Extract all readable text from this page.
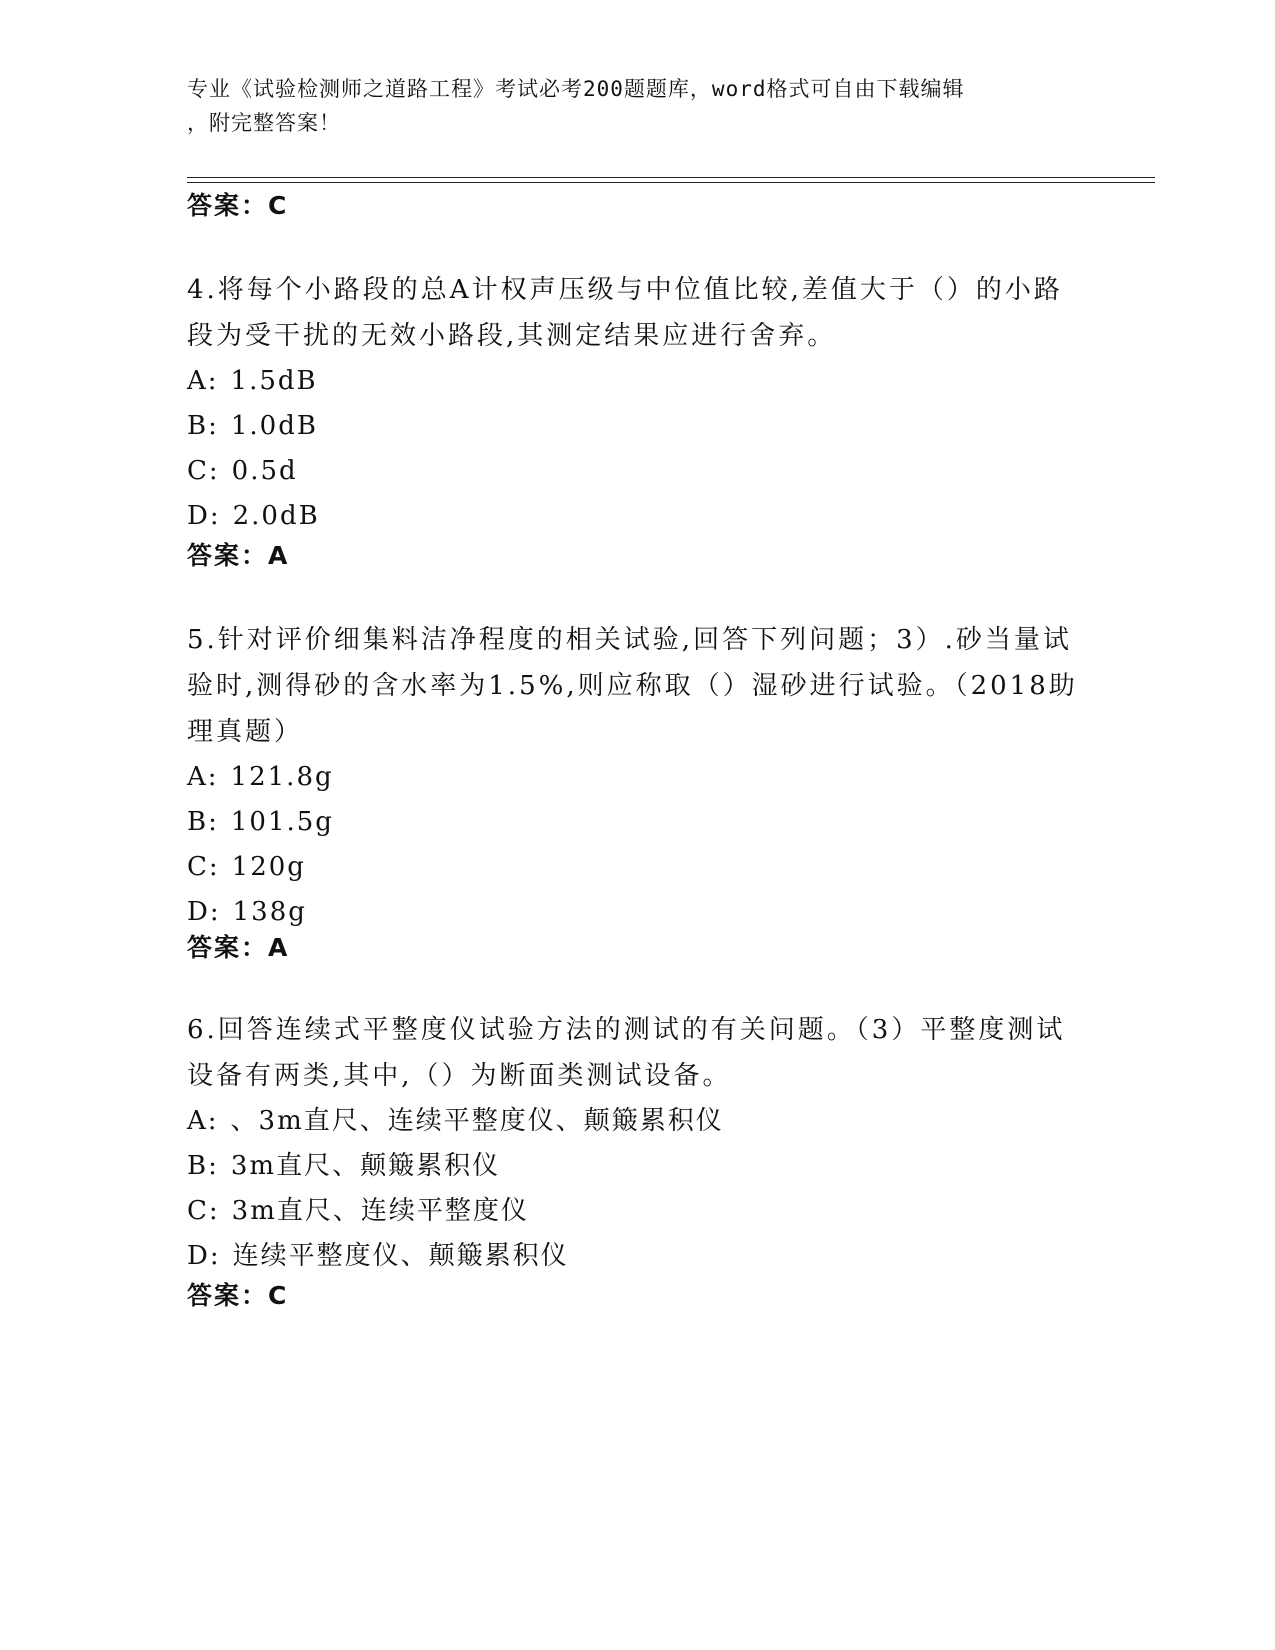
专业《试验检测师之道路工程》考试必考200题题库，word格式可自由下载编辑
，附完整答案！

答案：C

4.将每个小路段的总A计权声压级与中位值比较,差值大于（）的小路
段为受干扰的无效小路段,其测定结果应进行舍弃。

A: 1.5dB
B: 1.0dB
C: 0.5d
D: 2.0dB
答案：A

5.针对评价细集料洁净程度的相关试验,回答下列问题；3）.砂当量试
验时,测得砂的含水率为1.5%,则应称取（）湿砂进行试验。（2018助
理真题）

A: 121.8g
B: 101.5g
C: 120g
D: 138g
答案：A

6.回答连续式平整度仪试验方法的测试的有关问题。（3）平整度测试
设备有两类,其中,（）为断面类测试设备。

A: 、3m直尺、连续平整度仪、颠簸累积仪
B: 3m直尺、颠簸累积仪
C: 3m直尺、连续平整度仪
D: 连续平整度仪、颠簸累积仪
答案：C
